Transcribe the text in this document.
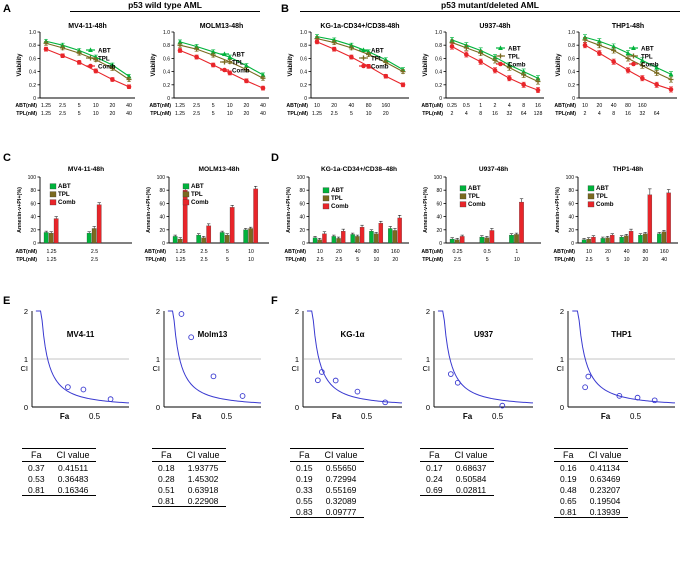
A	B
C	D
E	F
p53 wild type AML	p53 mutant/deleted AML
MV4-11-48h
0
0.2
0.4
0.6
0.8
1.0
Viability
ABT
TPL
Comb
ABT(nM)
TPL(nM)
1.25 2.5 5 10 20 40
1.25 2.5 5 10 20 40
MOLM13-48h
0
0.2
0.4
0.6
0.8
1.0
Viability	ABT
TPL
Comb
ABT(nM)
TPL(nM)
1.25 2.5 5 10 20 40
1.25 2.5 5 10 20 40
KG-1a-CD34+/CD38-48h
0
0.2
0.4
0.6
0.8
1.0
Viability
ABT
TPL
Comb
ABT(nM)
TPL(nM)
10 20 40 80 160
1.25 2.5 5 10 20
U937-48h
0
0.2
0.4
0.6
0.8
1.0
Viability
ABT
TPL
Comb
ABT(uM)
TPL(nM)
0.25 0.5 1 2 4 8 16
2 4 8 16 32 64 128
THP1-48h
0
0.2
0.4
0.6
0.8
1.0
Viability
ABT
TPL
Comb
ABT(nM)
TPL(nM)
10 20 40 80 160
2 4 8 16 32 64
MV4-11-48h
0
20
40
60
80
100
Annexin-v+PI+(%)
ABT
TPL
Comb
ABT(nM)
TPL(nM)
1.25	2.5
1.25	2.5
MOLM13-48h
0
20
40
60
80
100
Annexin-v+PI+(%)
ABT
TPL
Comb
ABT(nM)
TPL(nM)
1.25	2.5	5	10
1.25	2.5	5	10
KG-1a-CD34+/CD38–48h
0
20
40
60
80
100
Annexin-v+PI+(%)	ABT
TPL
Comb
ABT(nM)
TPL(nM)
10	20	40	80 160
2.5 2.5	5	10	20
U937-48h
0
20
40
60
80
100
Annexin-v+PI+(%)	ABT
TPL
Comb
ABT(uM)
TPL(nM)
0.25	0.5	1
2.5	5	10
THP1-48h
0
20
40
60
80
100
Annexin-v+PI+(%)	ABT
TPL
Comb
ABT(nM)
TPL(nM)
10	20	40	80 160
2.5	5	10	20	40
0
1
2
CI
MV4-11
Fa 0.5
0
1
2
CI
Molm13
Fa 0.5
0
1
2
CI
KG-1α
Fa 0.5
0
1
2
CI
U937
Fa 0.5
0
1
2
CI
THP1
Fa 0.5
Fa	CI value
0.37	0.41511
0.53	0.36483
0.81	0.16346
Fa	CI value
0.18	1.93775
0.28	1.45302
0.51	0.63918
0.81	0.22908
Fa	CI value
0.15	0.55650
0.19	0.72994
0.33	0.55169
0.55	0.32089
0.83	0.09777
Fa	CI value
0.17	0.68637
0.24	0.50584
0.69	0.02811
Fa	CI value
0.16	0.41134
0.19	0.63469
0.48	0.23207
0.65	0.19504
0.81	0.13939
